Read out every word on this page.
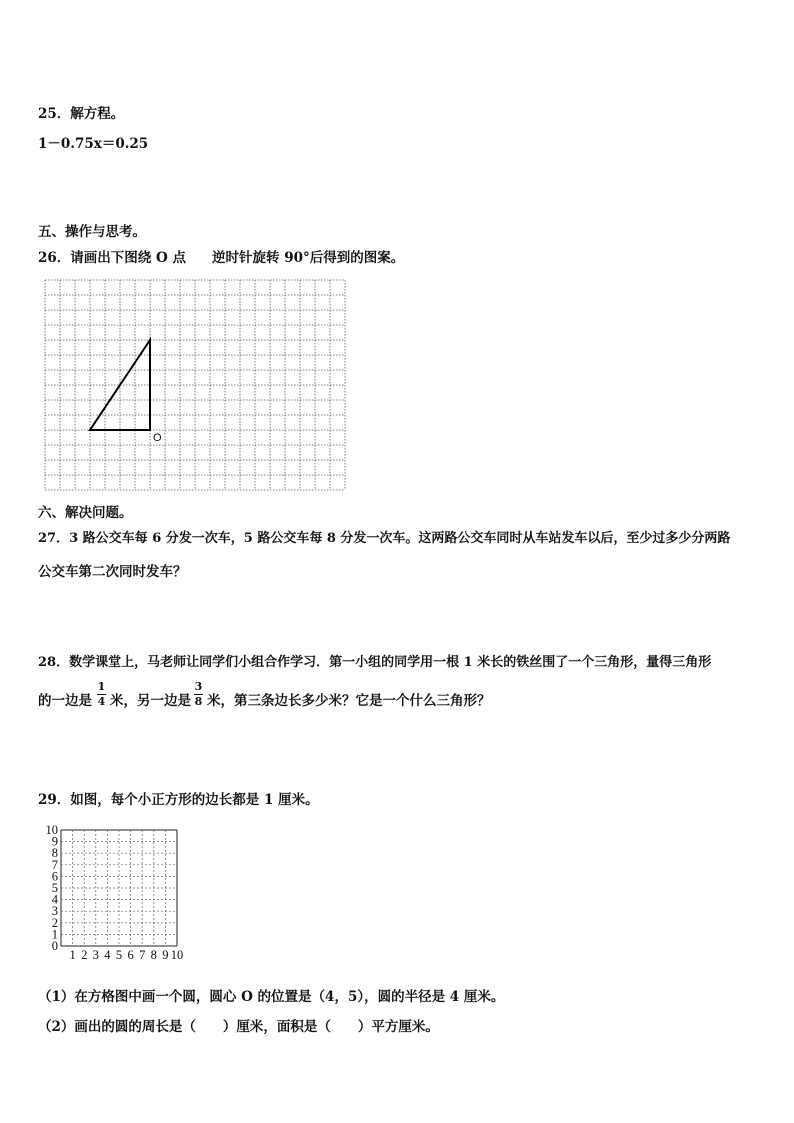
25．解方程。
1－0.75x＝0.25
五、操作与思考。
26．请画出下图绕 O 点 逆时针旋转 90°后得到的图案。
O
六、解决问题。
27．3 路公交车每 6 分发一次车，5 路公交车每 8 分发一次车。这两路公交车同时从车站发车以后，至少过多少分两路
公交车第二次同时发车？
28．数学课堂上，马老师让同学们小组合作学习．第一小组的同学用一根 1 米长的铁丝围了一个三角形，量得三角形
的一边是
1
4 米，另一边是
3
8 米，第三条边长多少米？它是一个什么三角形？
29．如图，每个小正方形的边长都是 1 厘米。
0
1
2
3
4
5
6
7
8
9
10
1 2 3 4 5 6 7 8 9 10
（1）在方格图中画一个圆，圆心 O 的位置是（4，5），圆的半径是 4 厘米。
（2）画出的圆的周长是（　　）厘米，面积是（　　）平方厘米。
